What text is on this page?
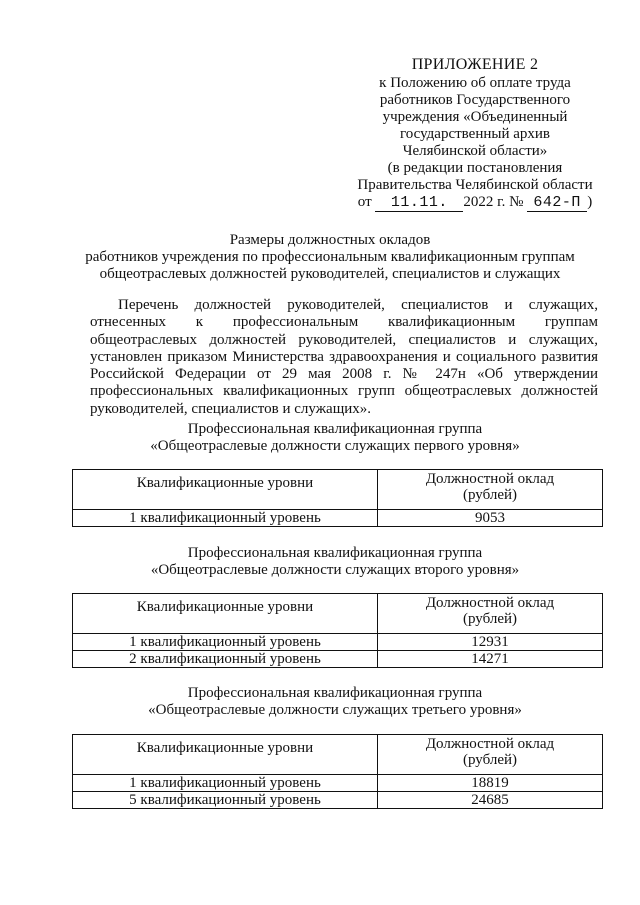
ПРИЛОЖЕНИЕ 2
к Положению об оплате труда
работников Государственного
учреждения «Объединенный
государственный архив
Челябинской области»
(в редакции постановления
Правительства Челябинской области
от 11.11. 2022 г. № 642-П )
Размеры должностных окладов
работников учреждения по профессиональным квалификационным группам
общеотраслевых должностей руководителей, специалистов и служащих
Перечень должностей руководителей, специалистов и служащих, отнесенных к профессиональным квалификационным группам общеотраслевых должностей руководителей, специалистов и служащих, установлен приказом Министерства здравоохранения и социального развития Российской Федерации от 29 мая 2008 г. № 247н «Об утверждении профессиональных квалификационных групп общеотраслевых должностей руководителей, специалистов и служащих».
Профессиональная квалификационная группа
«Общеотраслевые должности служащих первого уровня»
Квалификационные уровни	Должностной оклад
(рублей)

1 квалификационный уровень	9053
Профессиональная квалификационная группа
«Общеотраслевые должности служащих второго уровня»
Квалификационные уровни	Должностной оклад
(рублей)

1 квалификационный уровень	12931
2 квалификационный уровень	14271
Профессиональная квалификационная группа
«Общеотраслевые должности служащих третьего уровня»
Квалификационные уровни	Должностной оклад
(рублей)

1 квалификационный уровень	18819
5 квалификационный уровень	24685
